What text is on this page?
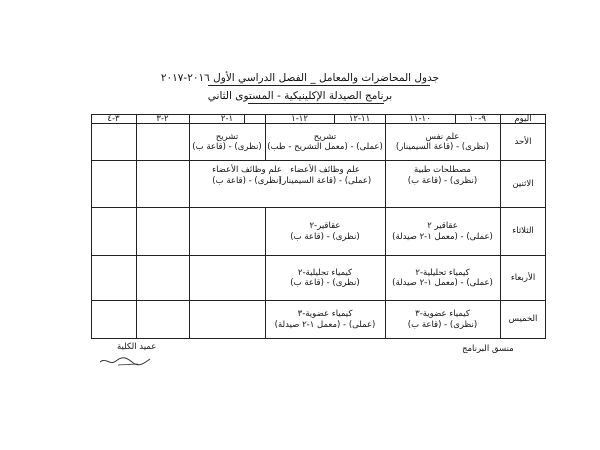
جدول المحاضرات والمعامل _ الفصل الدراسي الأول ٢٠١٦-٢٠١٧
برنامج الصيدلة الإكلينيكية - المستوى الثاني
اليوم
٩-١٠
١٠-١١
١١-١٢
١٢-١
١-٢
٢-٣
٣-٤
الأحد
الاثنين
الثلاثاء
الأربعاء
الخميس
علم نفس
(نظرى) - (قاعة السيمينار)
تشريح
(عملى) - (معمل التشريح - طب)
تشريح
(نظرى) - (قاعة ب)
مصطلحات طبية
(نظرى) - (قاعة ب)
علم وظائف الأعضاء
(عملى) - (قاعة السيمينار)
علم وظائف الأعضاء
(نظرى) - (قاعة ب)
عقاقير ٢
(عملى) - (معمل ١-٢ صيدلة)
عقاقير-٢
(نظرى) - (قاعة ب)
كيمياء تحليلية-٢
(عملى) - (معمل ١-٢ صيدلة)
كيمياء تحليلية-٢
(نظرى) - (قاعة ب)
كيمياء عضوية-٣
(نظرى) - (قاعة ب)
كيمياء عضوية-٣
(عملى) - (معمل ١-٢ صيدلة)
منسق البرنامج
عميد الكلية
